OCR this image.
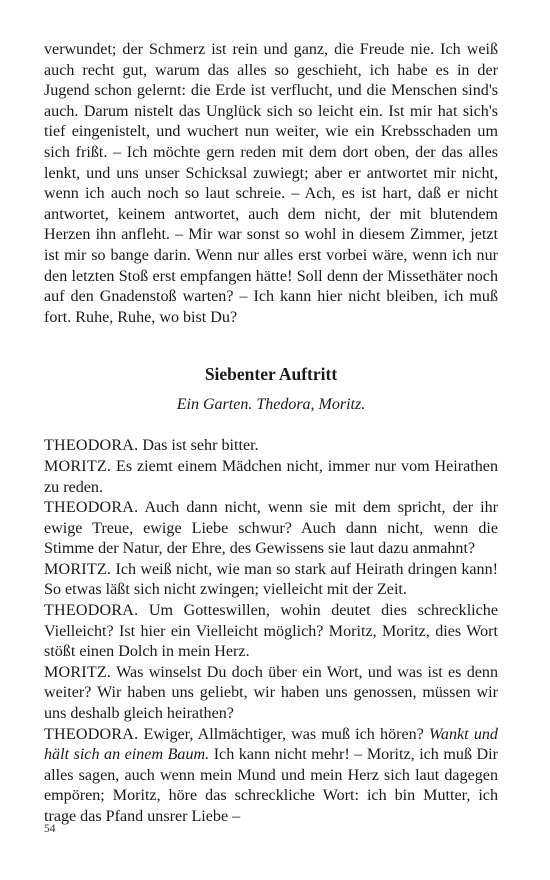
verwundet; der Schmerz ist rein und ganz, die Freude nie. Ich weiß auch recht gut, warum das alles so geschieht, ich habe es in der Jugend schon gelernt: die Erde ist verflucht, und die Menschen sind's auch. Darum nistelt das Unglück sich so leicht ein. Ist mir hat sich's tief eingenistelt, und wuchert nun weiter, wie ein Krebsschaden um sich frißt. – Ich möchte gern reden mit dem dort oben, der das alles lenkt, und uns unser Schicksal zuwiegt; aber er antwortet mir nicht, wenn ich auch noch so laut schreie. – Ach, es ist hart, daß er nicht antwortet, keinem antwortet, auch dem nicht, der mit blutendem Herzen ihn anfleht. – Mir war sonst so wohl in diesem Zimmer, jetzt ist mir so bange darin. Wenn nur alles erst vorbei wäre, wenn ich nur den letzten Stoß erst empfangen hätte! Soll denn der Missethäter noch auf den Gnadenstoß warten? – Ich kann hier nicht bleiben, ich muß fort. Ruhe, Ruhe, wo bist Du?

Siebenter Auftritt

Ein Garten. Thedora, Moritz.

THEODORA. Das ist sehr bitter.

MORITZ. Es ziemt einem Mädchen nicht, immer nur vom Heirathen zu reden.

THEODORA. Auch dann nicht, wenn sie mit dem spricht, der ihr ewige Treue, ewige Liebe schwur? Auch dann nicht, wenn die Stimme der Natur, der Ehre, des Gewissens sie laut dazu anmahnt?

MORITZ. Ich weiß nicht, wie man so stark auf Heirath dringen kann! So etwas läßt sich nicht zwingen; vielleicht mit der Zeit.

THEODORA. Um Gotteswillen, wohin deutet dies schreckliche Vielleicht? Ist hier ein Vielleicht möglich? Moritz, Moritz, dies Wort stößt einen Dolch in mein Herz.

MORITZ. Was winselst Du doch über ein Wort, und was ist es denn weiter? Wir haben uns geliebt, wir haben uns genossen, müssen wir uns deshalb gleich heirathen?

THEODORA. Ewiger, Allmächtiger, was muß ich hören? Wankt und hält sich an einem Baum. Ich kann nicht mehr! – Moritz, ich muß Dir alles sagen, auch wenn mein Mund und mein Herz sich laut dagegen empören; Moritz, höre das schreckliche Wort: ich bin Mutter, ich trage das Pfand unsrer Liebe –

54
